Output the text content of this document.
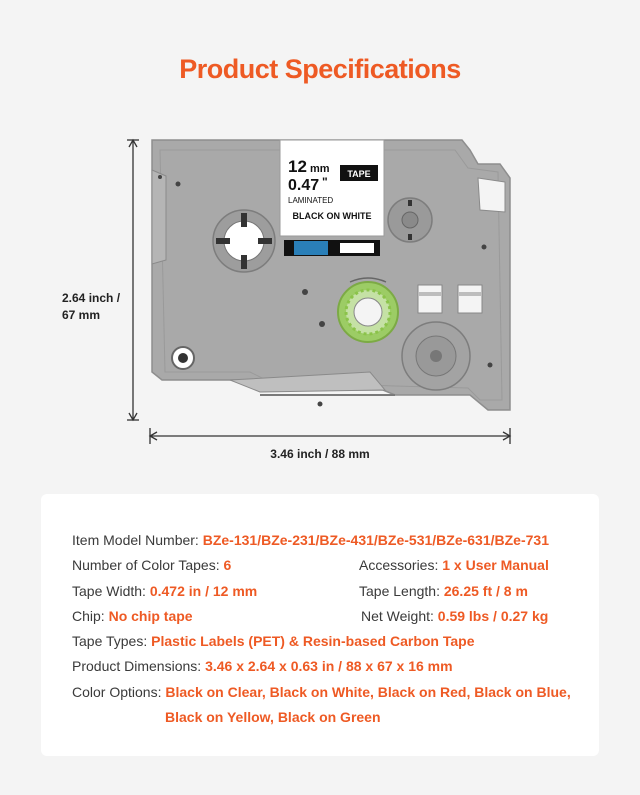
Product Specifications
12 mm
0.47 "
TAPE
LAMINATED
BLACK ON WHITE
2.64 inch /
67 mm
3.46 inch / 88 mm
Item Model Number: BZe-131/BZe-231/BZe-431/BZe-531/BZe-631/BZe-731
Number of Color Tapes: 6	Accessories: 1 x User Manual
Tape Width: 0.472 in / 12 mm	Tape Length: 26.25 ft / 8 m
Chip: No chip tape	Net Weight: 0.59 lbs / 0.27 kg
Tape Types: Plastic Labels (PET) & Resin-based Carbon Tape
Product Dimensions: 3.46 x 2.64 x 0.63 in / 88 x 67 x 16 mm
Color Options: Black on Clear, Black on White, Black on Red, Black on Blue,
Black on Yellow, Black on Green
